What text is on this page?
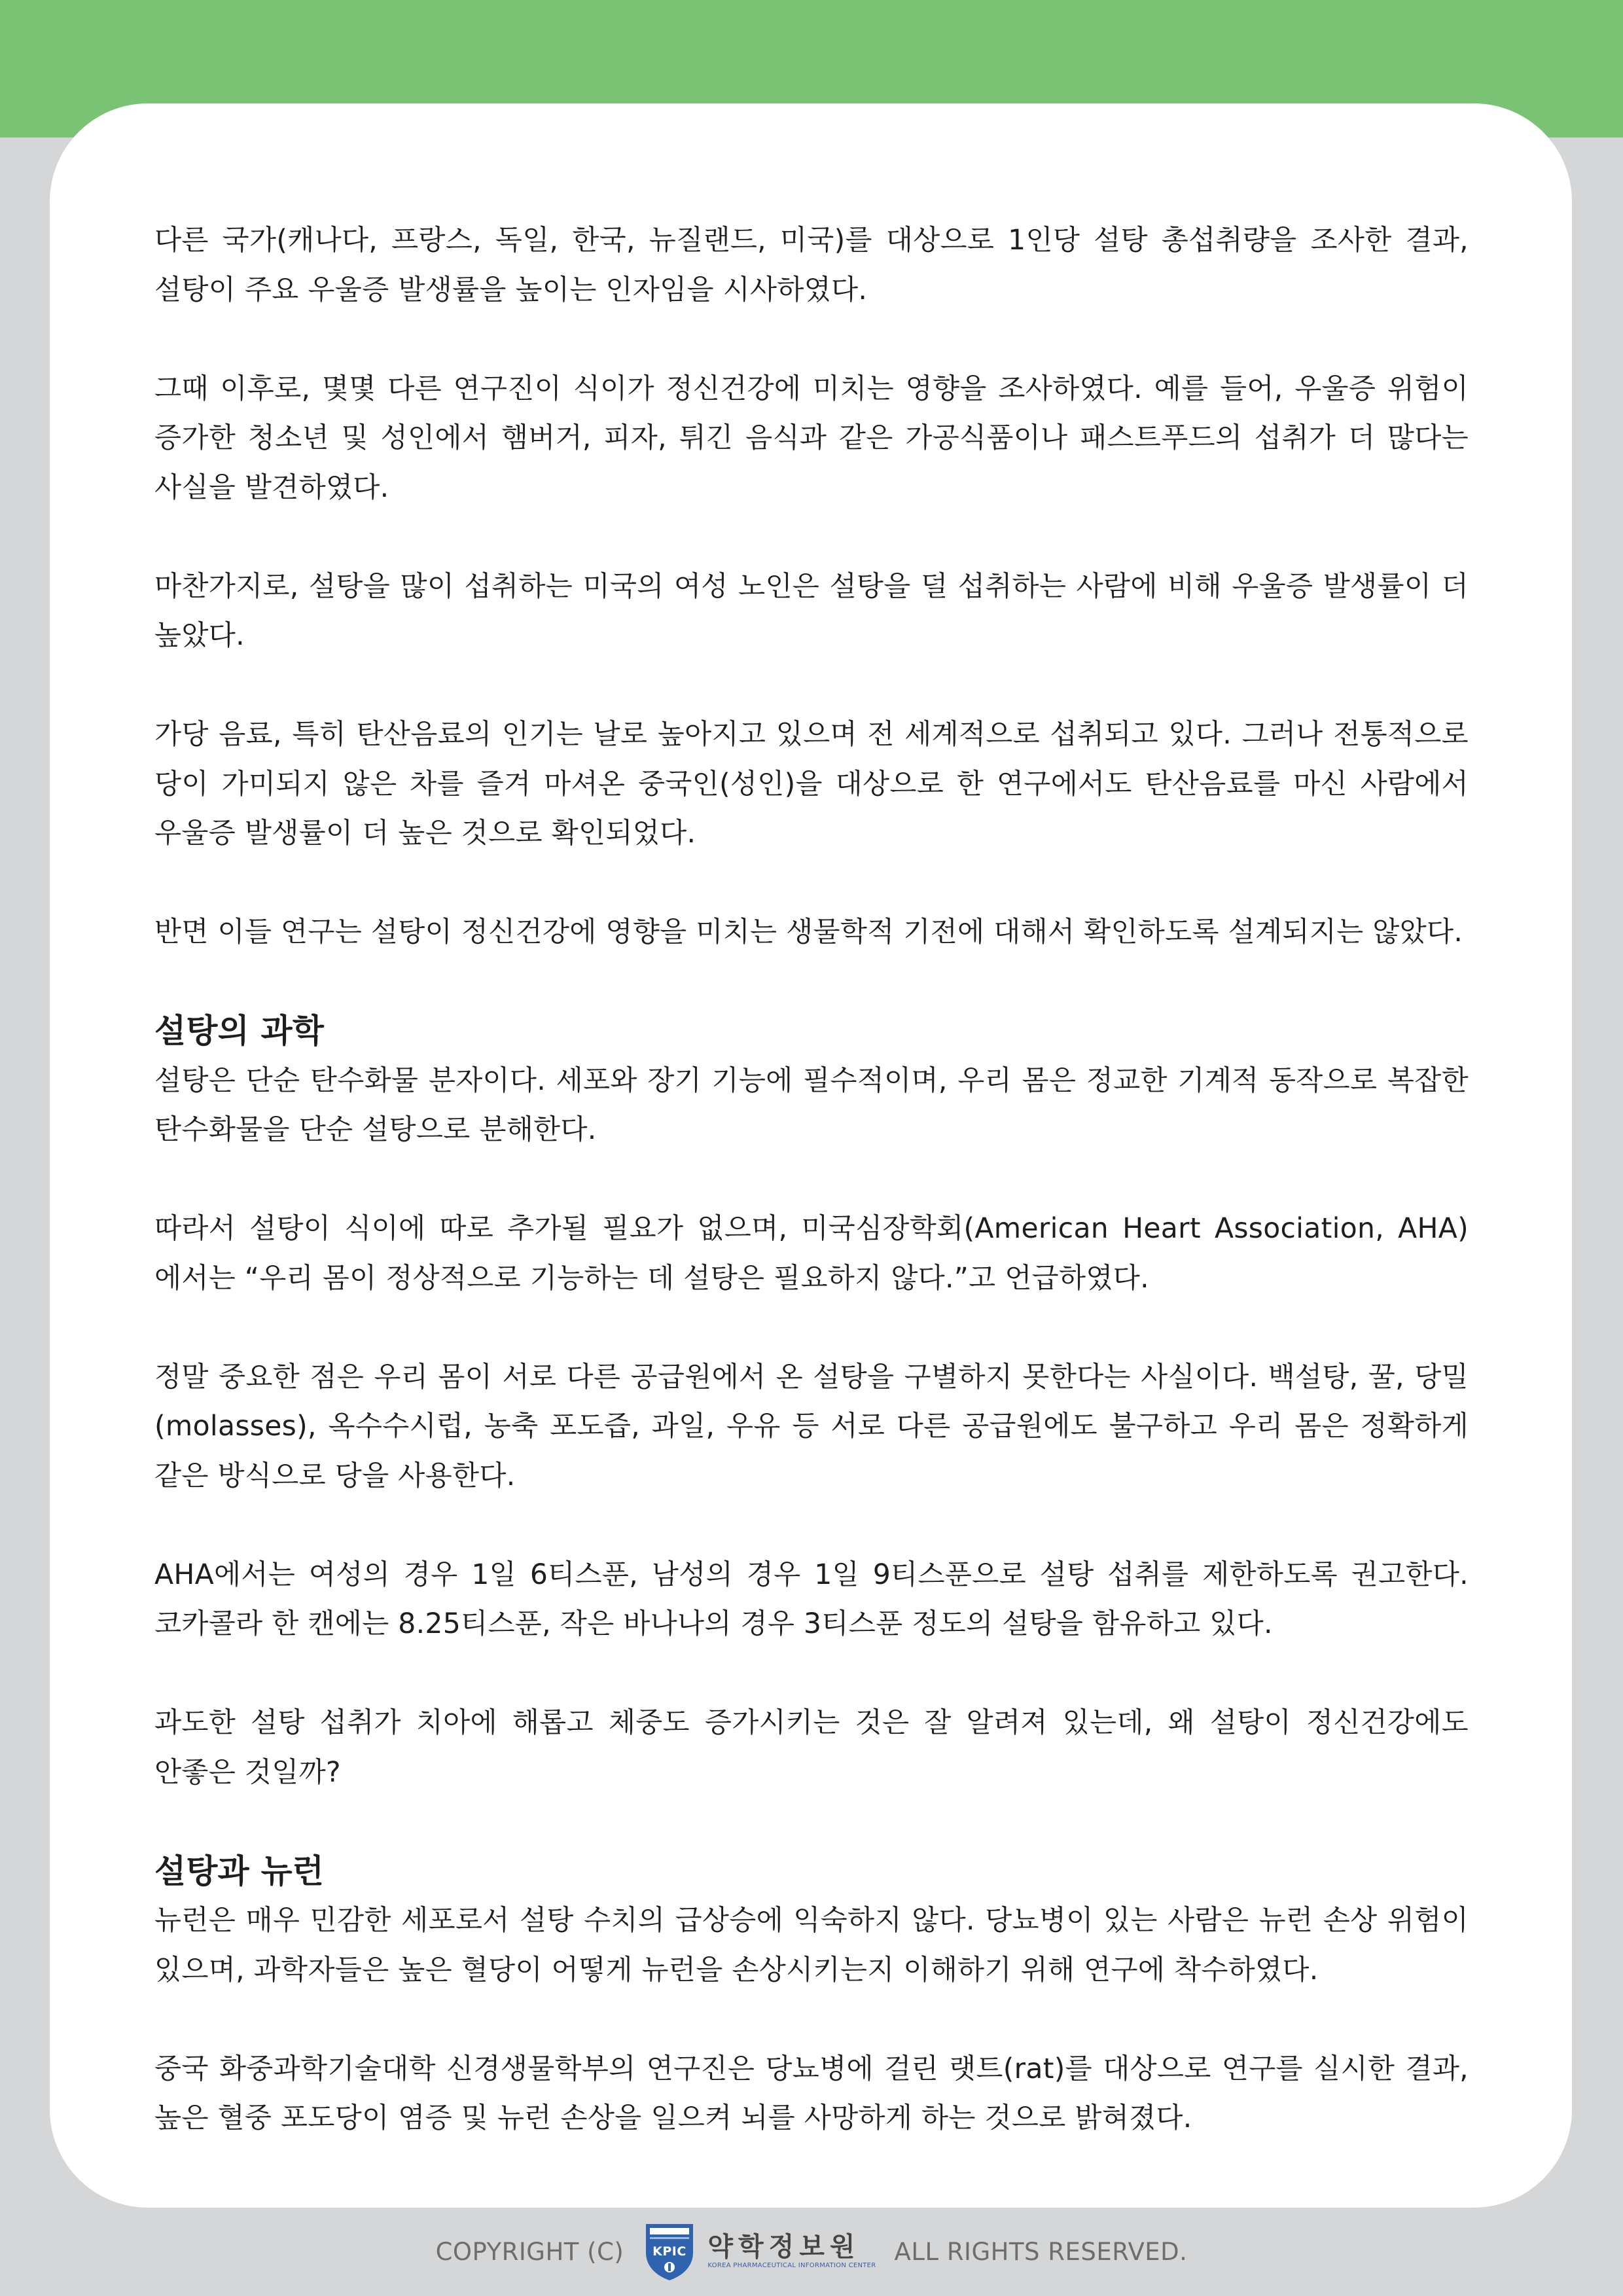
다른 국가(캐나다, 프랑스, 독일, 한국, 뉴질랜드, 미국)를 대상으로 1인당 설탕 총섭취량을 조사한 결과, 설탕이 주요 우울증 발생률을 높이는 인자임을 시사하였다.

그때 이후로, 몇몇 다른 연구진이 식이가 정신건강에 미치는 영향을 조사하였다. 예를 들어, 우울증 위험이 증가한 청소년 및 성인에서 햄버거, 피자, 튀긴 음식과 같은 가공식품이나 패스트푸드의 섭취가 더 많다는 사실을 발견하였다.

마찬가지로, 설탕을 많이 섭취하는 미국의 여성 노인은 설탕을 덜 섭취하는 사람에 비해 우울증 발생률이 더 높았다.

가당 음료, 특히 탄산음료의 인기는 날로 높아지고 있으며 전 세계적으로 섭취되고 있다. 그러나 전통적으로 당이 가미되지 않은 차를 즐겨 마셔온 중국인(성인)을 대상으로 한 연구에서도 탄산음료를 마신 사람에서 우울증 발생률이 더 높은 것으로 확인되었다.

반면 이들 연구는 설탕이 정신건강에 영향을 미치는 생물학적 기전에 대해서 확인하도록 설계되지는 않았다.

설탕의 과학

설탕은 단순 탄수화물 분자이다. 세포와 장기 기능에 필수적이며, 우리 몸은 정교한 기계적 동작으로 복잡한 탄수화물을 단순 설탕으로 분해한다.

따라서 설탕이 식이에 따로 추가될 필요가 없으며, 미국심장학회(American Heart Association, AHA)에서는 “우리 몸이 정상적으로 기능하는 데 설탕은 필요하지 않다.”고 언급하였다.

정말 중요한 점은 우리 몸이 서로 다른 공급원에서 온 설탕을 구별하지 못한다는 사실이다. 백설탕, 꿀, 당밀(molasses), 옥수수시럽, 농축 포도즙, 과일, 우유 등 서로 다른 공급원에도 불구하고 우리 몸은 정확하게 같은 방식으로 당을 사용한다.

AHA에서는 여성의 경우 1일 6티스푼, 남성의 경우 1일 9티스푼으로 설탕 섭취를 제한하도록 권고한다. 코카콜라 한 캔에는 8.25티스푼, 작은 바나나의 경우 3티스푼 정도의 설탕을 함유하고 있다.

과도한 설탕 섭취가 치아에 해롭고 체중도 증가시키는 것은 잘 알려져 있는데, 왜 설탕이 정신건강에도 안좋은 것일까?

설탕과 뉴런

뉴런은 매우 민감한 세포로서 설탕 수치의 급상승에 익숙하지 않다. 당뇨병이 있는 사람은 뉴런 손상 위험이 있으며, 과학자들은 높은 혈당이 어떻게 뉴런을 손상시키는지 이해하기 위해 연구에 착수하였다.

중국 화중과학기술대학 신경생물학부의 연구진은 당뇨병에 걸린 랫트(rat)를 대상으로 연구를 실시한 결과, 높은 혈중 포도당이 염증 및 뉴런 손상을 일으켜 뇌를 사망하게 하는 것으로 밝혀졌다.

COPYRIGHT (C) KPIC 약학정보원
KOREA PHARMACEUTICAL INFORMATION CENTER ALL RIGHTS RESERVED.
